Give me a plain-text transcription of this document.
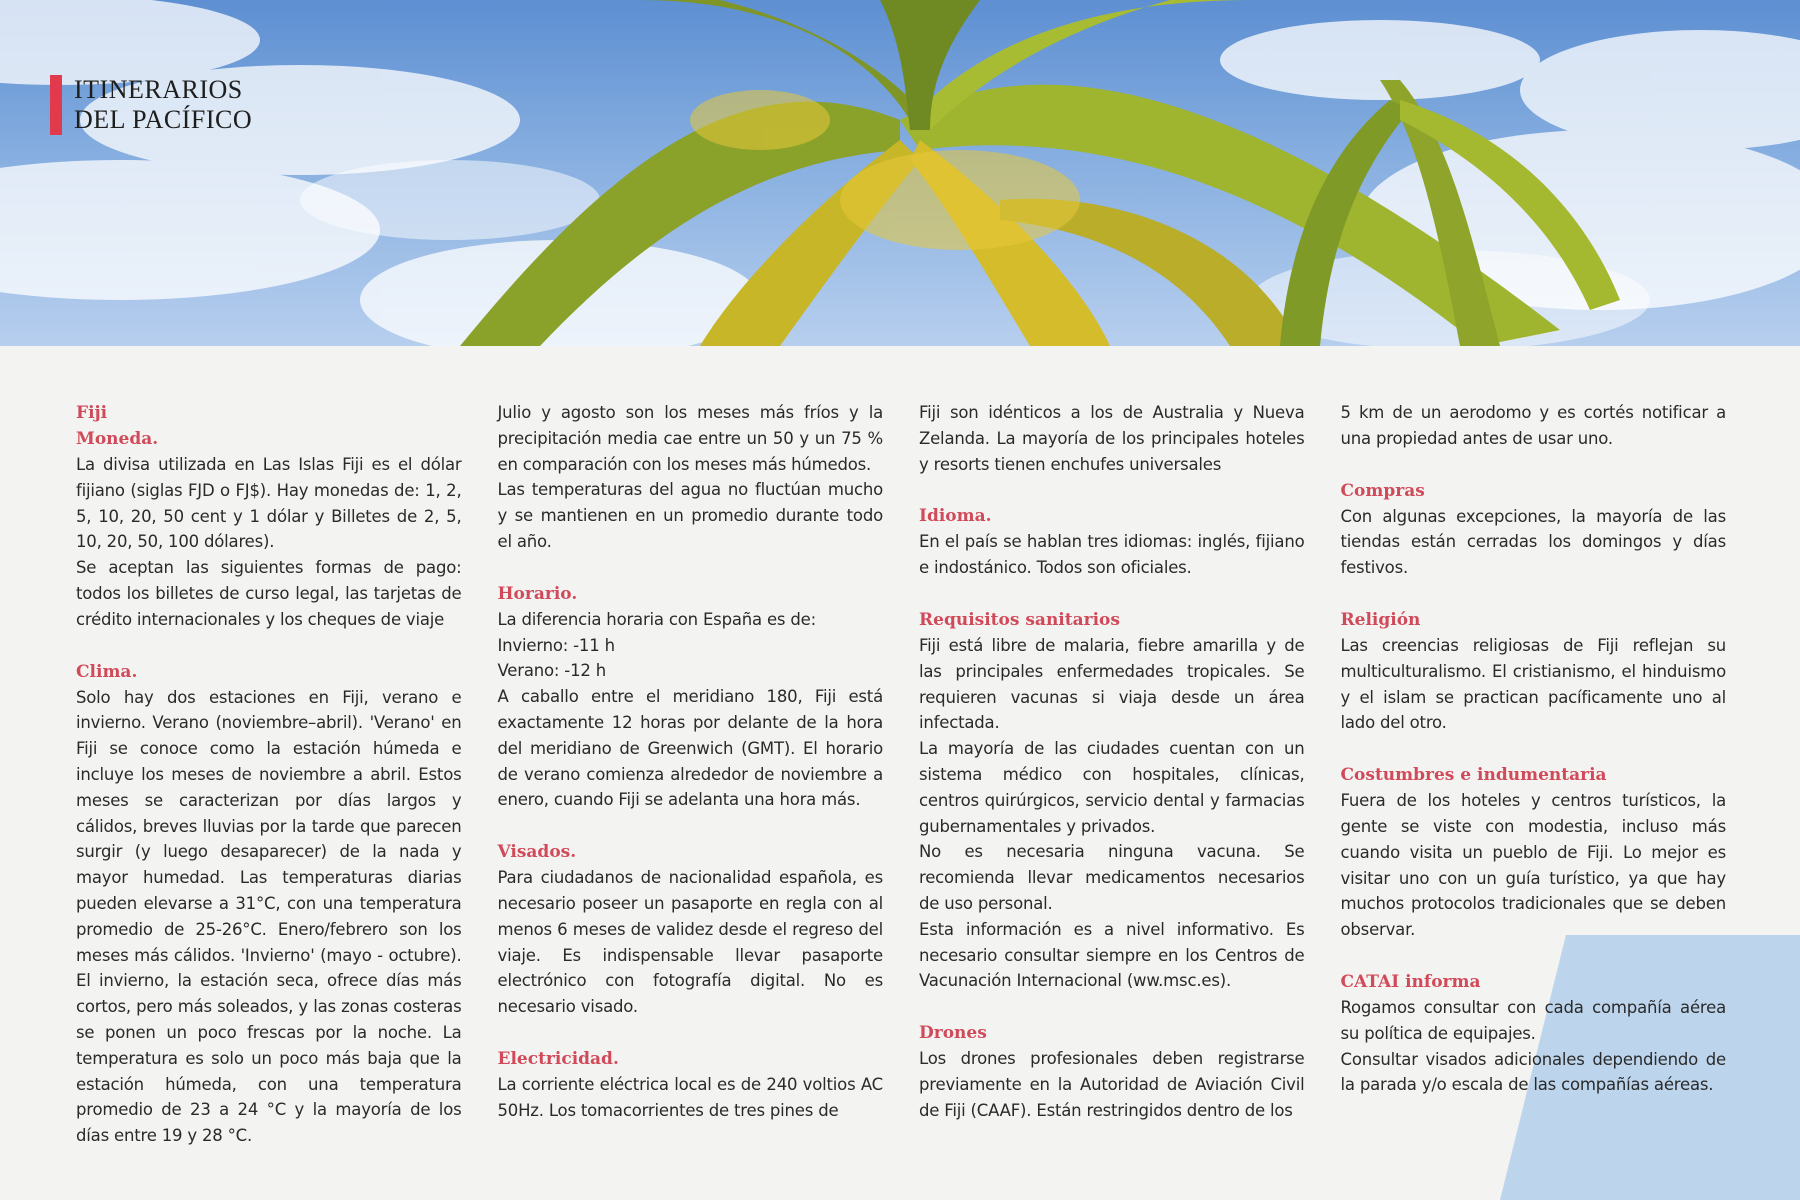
ITINERARIOS
DEL PACÍFICO
Fiji
Moneda.

La divisa utilizada en Las Islas Fiji es el dólar fijiano (siglas FJD o FJ$). Hay monedas de: 1, 2, 5, 10, 20, 50 cent y 1 dólar y Billetes de 2, 5, 10, 20, 50, 100 dólares).

Se aceptan las siguientes formas de pago: todos los billetes de curso legal, las tarjetas de crédito internacionales y los cheques de viaje

Clima.

Solo hay dos estaciones en Fiji, verano e invierno. Verano (noviembre–abril). 'Verano' en Fiji se conoce como la estación húmeda e incluye los meses de noviembre a abril. Estos meses se caracterizan por días largos y cálidos, breves lluvias por la tarde que parecen surgir (y luego desaparecer) de la nada y mayor humedad. Las temperaturas diarias pueden elevarse a 31°C, con una temperatura promedio de 25-26°C. Enero/febrero son los meses más cálidos. 'Invierno' (mayo - octubre). El invierno, la estación seca, ofrece días más cortos, pero más soleados, y las zonas costeras se ponen un poco frescas por la noche. La temperatura es solo un poco más baja que la estación húmeda, con una temperatura promedio de 23 a 24 °C y la mayoría de los días entre 19 y 28 °C.

Julio y agosto son los meses más fríos y la precipitación media cae entre un 50 y un 75 % en comparación con los meses más húmedos.

Las temperaturas del agua no fluctúan mucho y se mantienen en un promedio durante todo el año.

Horario.

La diferencia horaria con España es de:

Invierno: -11 h

Verano: -12 h

A caballo entre el meridiano 180, Fiji está exactamente 12 horas por delante de la hora del meridiano de Greenwich (GMT). El horario de verano comienza alrededor de noviembre a enero, cuando Fiji se adelanta una hora más.

Visados.

Para ciudadanos de nacionalidad española, es necesario poseer un pasaporte en regla con al menos 6 meses de validez desde el regreso del viaje. Es indispensable llevar pasaporte electrónico con fotografía digital. No es necesario visado.

Electricidad.

La corriente eléctrica local es de 240 voltios AC 50Hz. Los tomacorrientes de tres pines de

Fiji son idénticos a los de Australia y Nueva Zelanda. La mayoría de los principales hoteles y resorts tienen enchufes universales

Idioma.

En el país se hablan tres idiomas: inglés, fijiano e indostánico. Todos son oficiales.

Requisitos sanitarios

Fiji está libre de malaria, fiebre amarilla y de las principales enfermedades tropicales. Se requieren vacunas si viaja desde un área infectada.

La mayoría de las ciudades cuentan con un sistema médico con hospitales, clínicas, centros quirúrgicos, servicio dental y farmacias gubernamentales y privados.

No es necesaria ninguna vacuna. Se recomienda llevar medicamentos necesarios de uso personal.

Esta información es a nivel informativo. Es necesario consultar siempre en los Centros de Vacunación Internacional (ww.msc.es).

Drones

Los drones profesionales deben registrarse previamente en la Autoridad de Aviación Civil de Fiji (CAAF). Están restringidos dentro de los

5 km de un aerodomo y es cortés notificar a una propiedad antes de usar uno.

Compras

Con algunas excepciones, la mayoría de las tiendas están cerradas los domingos y días festivos.

Religión

Las creencias religiosas de Fiji reflejan su multiculturalismo. El cristianismo, el hinduismo y el islam se practican pacíficamente uno al lado del otro.

Costumbres e indumentaria

Fuera de los hoteles y centros turísticos, la gente se viste con modestia, incluso más cuando visita un pueblo de Fiji. Lo mejor es visitar uno con un guía turístico, ya que hay muchos protocolos tradicionales que se deben observar.

CATAI informa

Rogamos consultar con cada compañía aérea su política de equipajes.

Consultar visados adicionales dependiendo de la parada y/o escala de las compañías aéreas.
